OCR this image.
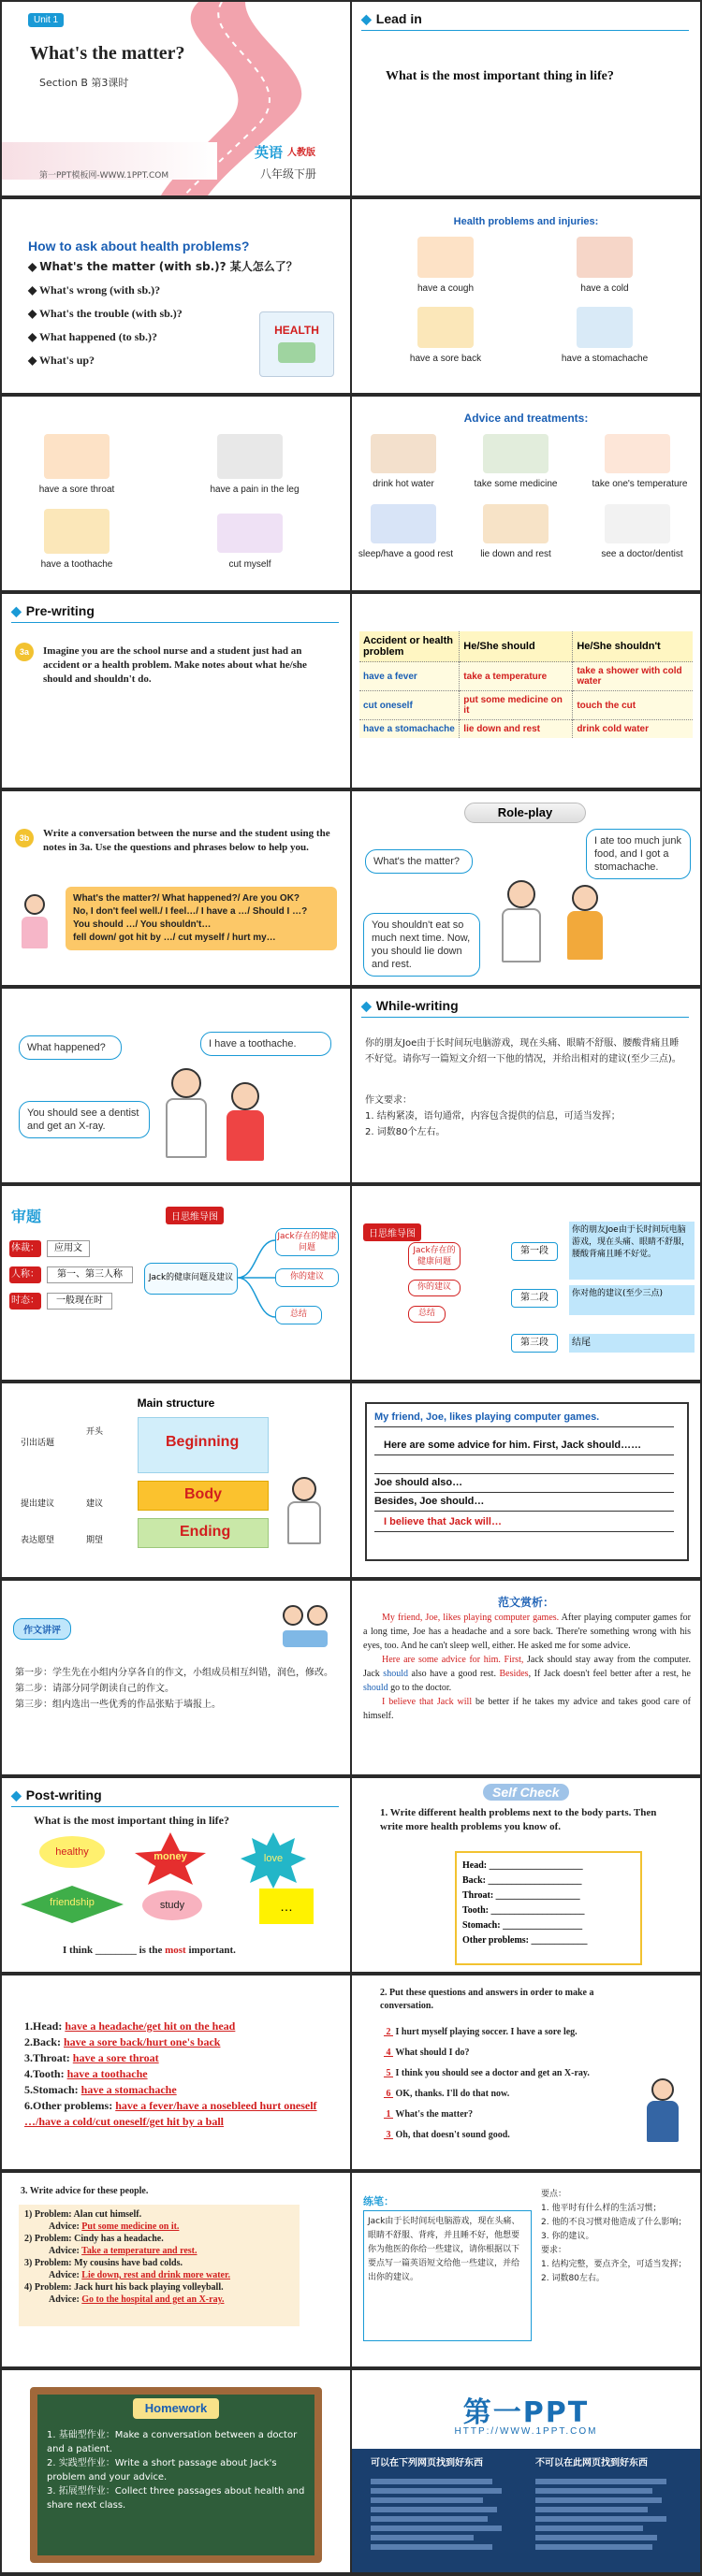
Unit 1
What's the matter?
Section B 第3课时
第一PPT模板网-WWW.1PPT.COM
英语 人教版
八年级下册
◆ Lead in
What is the most important thing in life?
How to ask about health problems?
◆ What's the matter (with sb.)? 某人怎么了？
◆ What's wrong (with sb.)?
◆ What's the trouble (with sb.)?
◆ What happened (to sb.)?
◆ What's up?
HEALTH
Health problems and injuries:
have a cough	have a cold
have a sore back	have a stomachache
have a sore throat	have a pain in the leg
have a toothache	cut myself
Advice and treatments:
drink hot water	take some medicine	take one's temperature
sleep/have a good rest	lie down and rest	see a doctor/dentist
◆ Pre-writing
3a	Imagine you are the school nurse and a student just had an accident or a health problem. Make notes about what he/she should and shouldn't do.
Accident or health problem	He/She should	He/She shouldn't
have a fever	take a temperature	take a shower with cold water
cut oneself	put some medicine on it	touch the cut
have a stomachache	lie down and rest	drink cold water
3b	Write a conversation between the nurse and the student using the notes in 3a. Use the questions and phrases below to help you.
What's the matter?/ What happened?/ Are you OK?
No, I don't feel well./ I feel…/ I have a …/ Should I …?
You should …/ You shouldn't…
fell down/ got hit by …/ cut myself / hurt my…
Role-play
What's the matter?
I ate too much junk food, and I got a stomachache.
You shouldn't eat so much next time. Now, you should lie down and rest.
What happened?	I have a toothache.
You should see a dentist and get an X-ray.
◆ While-writing
你的朋友Joe由于长时间玩电脑游戏，现在头痛、眼睛不舒服、腰酸背痛且睡不好觉。请你写一篇短文介绍一下他的情况，并给出相对的建议(至少三点)。
作文要求：
1. 结构紧凑，语句通常，内容包含提供的信息，可适当发挥；
2. 词数80个左右。
审题
体裁：	应用文
人称：	第一、第三人称
时态：	一般现在时
日思维导图
Jack的健康问题及建议
Jack存在的健康问题
你的建议
总结
日思维导图
Jack存在的健康问题
你的建议
总结
第一段
第二段
第三段
你的朋友Joe由于长时间玩电脑游戏，现在头痛、眼睛不舒服，腰酸背痛且睡不好觉。
你对他的建议(至少三点)
结尾
Main structure
引出话题
开头
Beginning
提出建议	建议
Body
表达愿望	期望
Ending
My friend, Joe, likes playing computer games.
Here are some advice for him. First, Jack should……
Joe should also…
Besides, Joe should…
I believe that Jack will…
作文讲评

第一步：学生先在小组内分享各自的作文，小组成员相互纠错，润色，修改。
第二步：请部分同学朗读自己的作文。
第三步：组内选出一些优秀的作品张贴于墙报上。
范文赏析：

My friend, Joe, likes playing computer games. After playing computer games for a long time, Joe has a headache and a sore back. There're something wrong with his eyes, too. And he can't sleep well, either. He asked me for some advice.

Here are some advice for him. First, Jack should stay away from the computer. Jack should also have a good rest. Besides, If Jack doesn't feel better after a rest, he should go to the doctor.

I believe that Jack will be better if he takes my advice and takes good care of himself.

◆ Post-writing
What is the most important thing in life?
healthy	money	love
friendship	study	…
I think ________ is the most important.
Self Check
1. Write different health problems next to the body parts. Then write more health problems you know of.
Head: ____________________
Back: ____________________
Throat: __________________
Tooth: ____________________
Stomach: _________________
Other problems: ____________
1.Head: have a headache/get hit on the head
2.Back: have a sore back/hurt one's back
3.Throat: have a sore throat
4.Tooth: have a toothache
5.Stomach: have a stomachache
6.Other problems: have a fever/have a nosebleed hurt oneself …/have a cold/cut oneself/get hit by a ball
2. Put these questions and answers in order to make a conversation.
2 I hurt myself playing soccer. I have a sore leg.
4 What should I do?
5 I think you should see a doctor and get an X-ray.
6 OK, thanks. I'll do that now.
1 What's the matter?
3 Oh, that doesn't sound good.
3. Write advice for these people.
1) Problem: Alan cut himself.
Advice: Put some medicine on it.
2) Problem: Cindy has a headache.
Advice: Take a temperature and rest.
3) Problem: My cousins have bad colds.
Advice: Lie down, rest and drink more water.
4) Problem: Jack hurt his back playing volleyball.
Advice: Go to the hospital and get an X-ray.
练笔：
Jack由于长时间玩电脑游戏，现在头痛、眼睛不舒服、背疼，并且睡不好，他想要你为他医的你给一些建议，请你根据以下要点写一篇英语短文给他一些建议，并给出你的建议。
要点：
1. 他平时有什么样的生活习惯；
2. 他的不良习惯对他造成了什么影响；
3. 你的建议。
要求：
1. 结构完整，要点齐全，可适当发挥；
2. 词数80左右。
Homework
1. 基础型作业：Make a conversation between a doctor and a patient.
2. 实践型作业：Write a short passage about Jack's problem and your advice.
3. 拓展型作业：Collect three passages about health and share next class.
第一PPT
HTTP://WWW.1PPT.COM
可以在下列网页找到好东西	不可以在此网页找到好东西
